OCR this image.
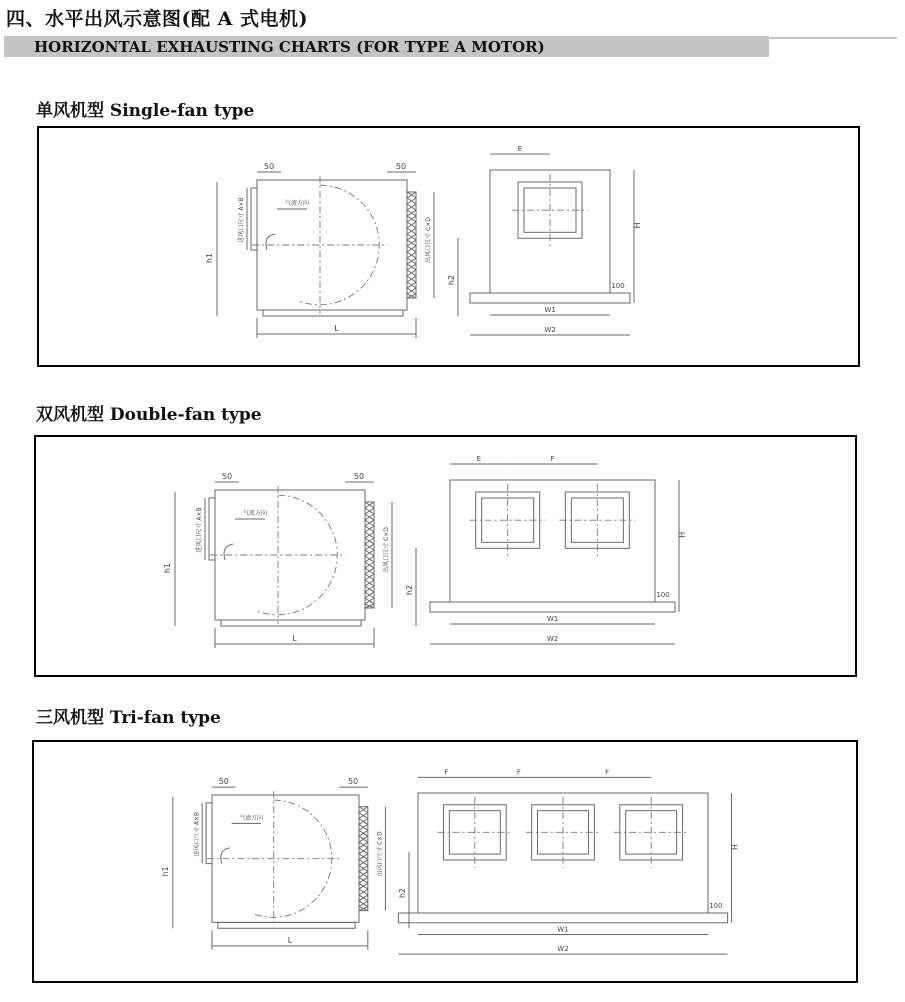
四、水平出风示意图(配 A 式电机)
HORIZONTAL EXHAUSTING CHARTS (FOR TYPE A MOTOR)
单风机型 Single-fan type
双风机型 Double-fan type
三风机型 Tri-fan type
气流方向
50	50
进风口尺寸 A×B	出风口尺寸 C×D
h1
h2
L
E
H
100
W1
W2
气流方向
50	50
进风口尺寸 A×B	出风口尺寸 C×D
h1
h2
L
E	F
H
100
W1
W2
气流方向
50	50
进风口尺寸 A×B	出风口尺寸 C×D
h1
h2
L
F	F	F
H
100
W1
W2
